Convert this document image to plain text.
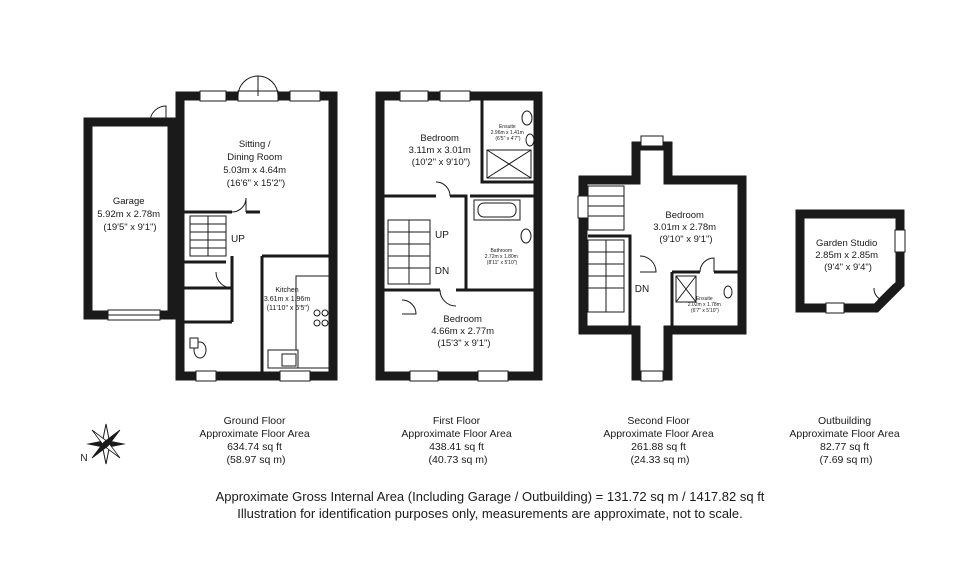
UP
Garage 5.92m x 2.78m (19'5" x 9'1")
Sitting / Dining Room 5.03m x 4.64m (16'6" x 15'2")
Kitchen 3.61m x 1.96m (11'10" x 6'5")
UP
DN
Bedroom 3.11m x 3.01m (10'2" x 9'10")
Ensuite 2.96m x 1.41m (6'5" x 4'7")
Bathroom 2.72m x 1.80m (8'11" x 5'10")
Bedroom 4.66m x 2.77m (15'3" x 9'1")
DN
Bedroom 3.01m x 2.78m (9'10" x 9'1")
Ensuite 2.02m x 1.78m (6'7" x 5'10")
Garden Studio 2.85m x 2.85m (9'4" x 9'4")
Ground Floor Approximate Floor Area 634.74 sq ft (58.97 sq m)
First Floor Approximate Floor Area 438.41 sq ft (40.73 sq m)
Second Floor Approximate Floor Area 261.88 sq ft (24.33 sq m)
Outbuilding Approximate Floor Area 82.77 sq ft (7.69 sq m)
N
Approximate Gross Internal Area (Including Garage / Outbuilding) = 131.72 sq m / 1417.82 sq ft
Illustration for identification purposes only, measurements are approximate, not to scale.
